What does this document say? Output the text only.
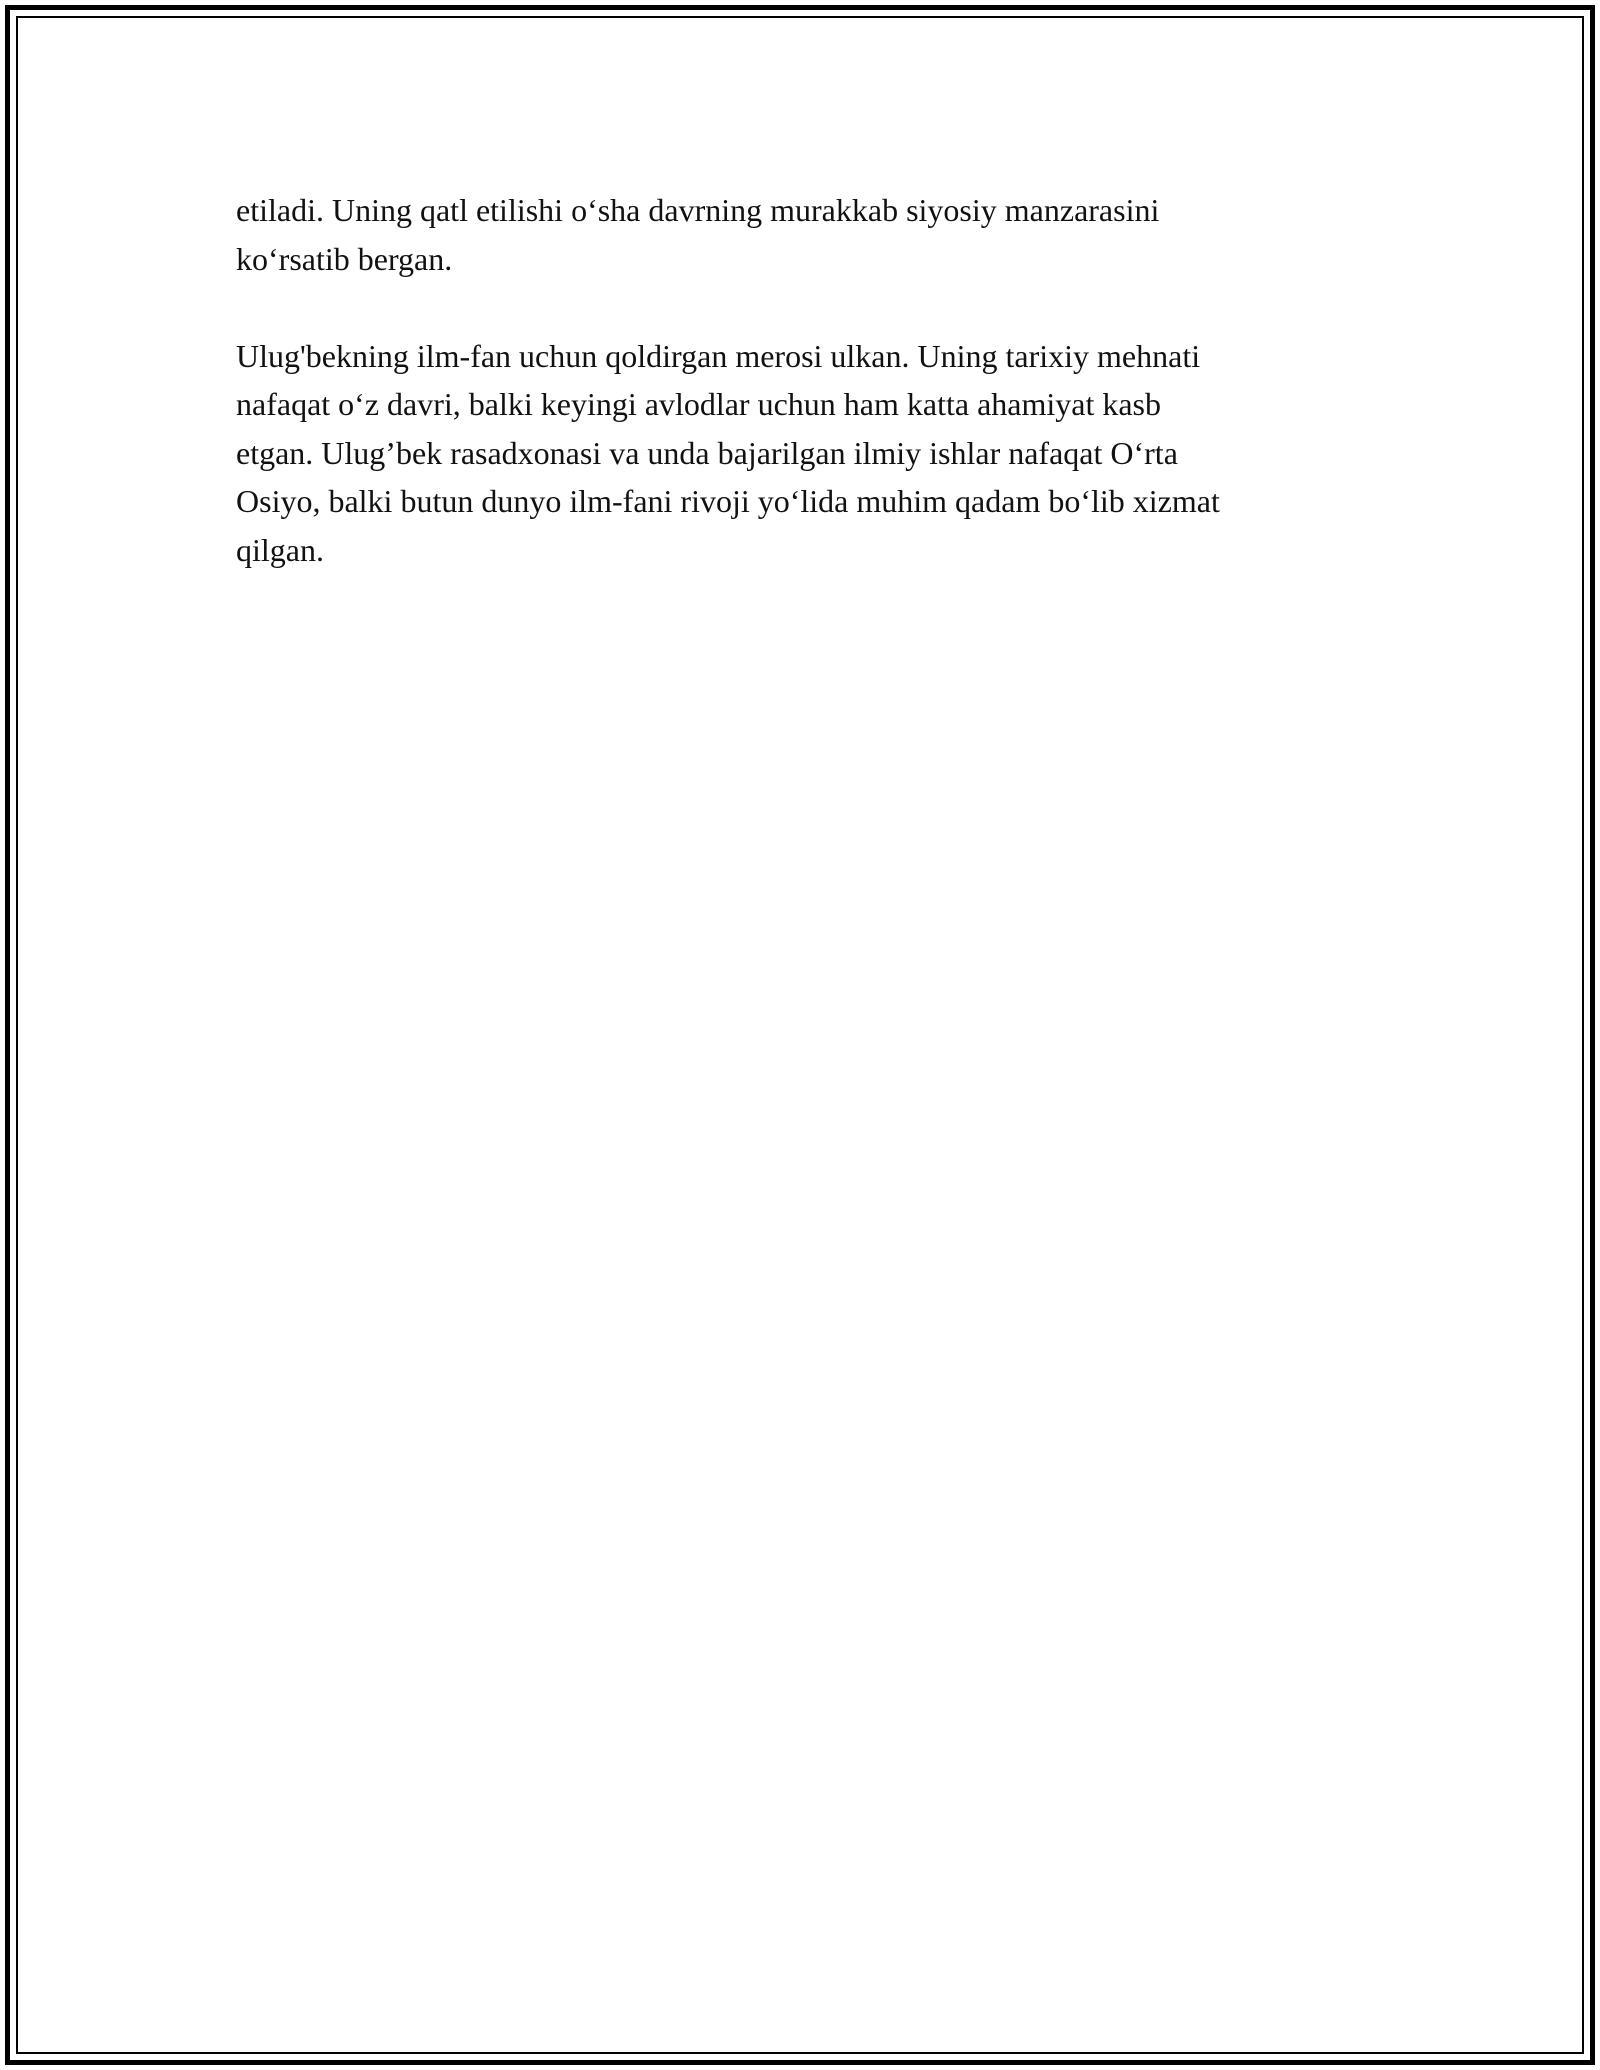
etiladi. Uning qatl etilishi o‘sha davrning murakkab siyosiy manzarasini
ko‘rsatib bergan.

Ulug'bekning ilm-fan uchun qoldirgan merosi ulkan. Uning tarixiy mehnati
nafaqat o‘z davri, balki keyingi avlodlar uchun ham katta ahamiyat kasb
etgan. Ulug’bek rasadxonasi va unda bajarilgan ilmiy ishlar nafaqat O‘rta
Osiyo, balki butun dunyo ilm-fani rivoji yo‘lida muhim qadam bo‘lib xizmat
qilgan.
